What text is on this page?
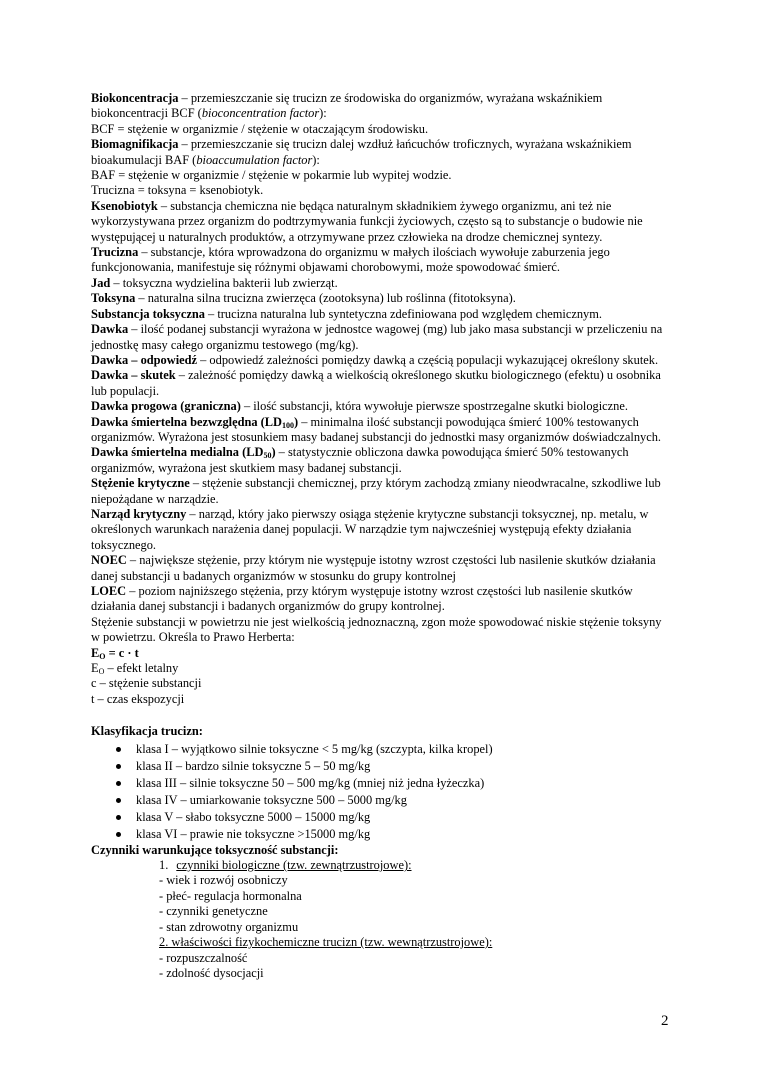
Biokoncentracja – przemieszczanie się trucizn ze środowiska do organizmów, wyrażana wskaźnikiem biokoncentracji BCF (bioconcentration factor):
BCF = stężenie w organizmie / stężenie w otaczającym środowisku.
Biomagnifikacja – przemieszczanie się trucizn dalej wzdłuż łańcuchów troficznych, wyrażana wskaźnikiem bioakumulacji BAF (bioaccumulation factor):
BAF = stężenie w organizmie / stężenie w pokarmie lub wypitej wodzie.
Trucizna = toksyna = ksenobiotyk.
Ksenobiotyk – substancja chemiczna nie będąca naturalnym składnikiem żywego organizmu, ani też nie wykorzystywana przez organizm do podtrzymywania funkcji życiowych, często są to substancje o budowie nie występującej u naturalnych produktów, a otrzymywane przez człowieka na drodze chemicznej syntezy.
Trucizna – substancje, która wprowadzona do organizmu w małych ilościach wywołuje zaburzenia jego funkcjonowania, manifestuje się różnymi objawami chorobowymi, może spowodować śmierć.
Jad – toksyczna wydzielina bakterii lub zwierząt.
Toksyna – naturalna silna trucizna zwierzęca (zootoksyna) lub roślinna (fitotoksyna).
Substancja toksyczna – trucizna naturalna lub syntetyczna zdefiniowana pod względem chemicznym.
Dawka – ilość podanej substancji wyrażona w jednostce wagowej (mg) lub jako masa substancji w przeliczeniu na jednostkę masy całego organizmu testowego (mg/kg).
Dawka – odpowiedź – odpowiedź zależności pomiędzy dawką a częścią populacji wykazującej określony skutek.
Dawka – skutek – zależność pomiędzy dawką a wielkością określonego skutku biologicznego (efektu) u osobnika lub populacji.
Dawka progowa (graniczna) – ilość substancji, która wywołuje pierwsze spostrzegalne skutki biologiczne.
Dawka śmiertelna bezwzględna $(LD_{100})$ – minimalna ilość substancji powodująca śmierć 100% testowanych organizmów. Wyrażona jest stosunkiem masy badanej substancji do jednostki masy organizmów doświadczalnych.
Dawka śmiertelna medialna $(LD_{50})$ – statystycznie obliczona dawka powodująca śmierć 50% testowanych organizmów, wyrażona jest skutkiem masy badanej substancji.
Stężenie krytyczne – stężenie substancji chemicznej, przy którym zachodzą zmiany nieodwracalne, szkodliwe lub niepożądane w narządzie.
Narząd krytyczny – narząd, który jako pierwszy osiąga stężenie krytyczne substancji toksycznej, np. metalu, w określonych warunkach narażenia danej populacji. W narządzie tym najwcześniej występują efekty działania toksycznego.
NOEC – największe stężenie, przy którym nie występuje istotny wzrost częstości lub nasilenie skutków działania danej substancji u badanych organizmów w stosunku do grupy kontrolnej
LOEC – poziom najniższego stężenia, przy którym występuje istotny wzrost częstości lub nasilenie skutków działania danej substancji i badanych organizmów do grupy kontrolnej.
Stężenie substancji w powietrzu nie jest wielkością jednoznaczną, zgon może spowodować niskie stężenie toksyny w powietrzu. Określa to Prawo Herberta:
$E_O = c \cdot t$
$E_O$ – efekt letalny
c – stężenie substancji
t – czas ekspozycji
Klasyfikacja trucizn:
klasa I – wyjątkowo silnie toksyczne < 5 mg/kg (szczypta, kilka kropel)
klasa II – bardzo silnie toksyczne 5 – 50 mg/kg
klasa III – silnie toksyczne 50 – 500 mg/kg (mniej niż jedna łyżeczka)
klasa IV – umiarkowanie toksyczne 500 – 5000 mg/kg
klasa V – słabo toksyczne 5000 – 15000 mg/kg
klasa VI – prawie nie toksyczne >15000 mg/kg
Czynniki warunkujące toksyczność substancji:
1. czynniki biologiczne (tzw. zewnątrzustrojowe):
- wiek i rozwój osobniczy
- płeć- regulacja hormonalna
- czynniki genetyczne
- stan zdrowotny organizmu
2. właściwości fizykochemiczne trucizn (tzw. wewnątrzustrojowe):
- rozpuszczalność
- zdolność dysocjacji
2
